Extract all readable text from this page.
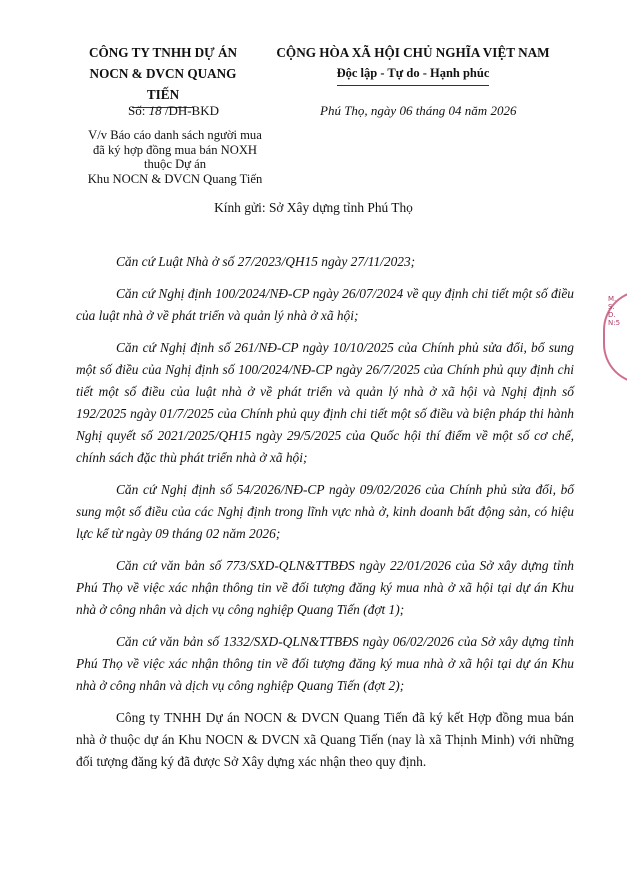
CÔNG TY TNHH DỰ ÁN
NOCN & DVCN QUANG TIẾN
CỘNG HÒA XÃ HỘI CHỦ NGHĨA VIỆT NAM
Độc lập - Tự do - Hạnh phúc
Số: 18 /DH-BKD	Phú Thọ, ngày 06 tháng 04 năm 2026
V/v Báo cáo danh sách người mua
đã ký hợp đồng mua bán NOXH
thuộc Dự án
Khu NOCN & DVCN Quang Tiến
Kính gửi: Sở Xây dựng tỉnh Phú Thọ

Căn cứ Luật Nhà ở số 27/2023/QH15 ngày 27/11/2023;

Căn cứ Nghị định 100/2024/NĐ-CP ngày 26/07/2024 về quy định chi tiết một số điều của luật nhà ở về phát triển và quản lý nhà ở xã hội;

Căn cứ Nghị định số 261/NĐ-CP ngày 10/10/2025 của Chính phủ sửa đổi, bổ sung một số điều của Nghị định số 100/2024/NĐ-CP ngày 26/7/2025 của Chính phủ quy định chi tiết một số điều của luật nhà ở về phát triển và quản lý nhà ở xã hội và Nghị định số 192/2025 ngày 01/7/2025 của Chính phủ quy định chi tiết một số điều và biện pháp thi hành Nghị quyết số 2021/2025/QH15 ngày 29/5/2025 của Quốc hội thí điểm về một số cơ chế, chính sách đặc thù phát triển nhà ở xã hội;

Căn cứ Nghị định số 54/2026/NĐ-CP ngày 09/02/2026 của Chính phủ sửa đổi, bổ sung một số điều của các Nghị định trong lĩnh vực nhà ở, kinh doanh bất động sản, có hiệu lực kể từ ngày 09 tháng 02 năm 2026;

Căn cứ văn bản số 773/SXD-QLN&TTBĐS ngày 22/01/2026 của Sở xây dựng tỉnh Phú Thọ về việc xác nhận thông tin về đối tượng đăng ký mua nhà ở xã hội tại dự án Khu nhà ở công nhân và dịch vụ công nghiệp Quang Tiến (đợt 1);

Căn cứ văn bản số 1332/SXD-QLN&TTBĐS ngày 06/02/2026 của Sở xây dựng tỉnh Phú Thọ về việc xác nhận thông tin về đối tượng đăng ký mua nhà ở xã hội tại dự án Khu nhà ở công nhân và dịch vụ công nghiệp Quang Tiến (đợt 2);

Công ty TNHH Dự án NOCN & DVCN Quang Tiến đã ký kết Hợp đồng mua bán nhà ở thuộc dự án Khu NOCN & DVCN xã Quang Tiến (nay là xã Thịnh Minh) với những đối tượng đăng ký đã được Sở Xây dựng xác nhận theo quy định.

M.S.D.N:5
